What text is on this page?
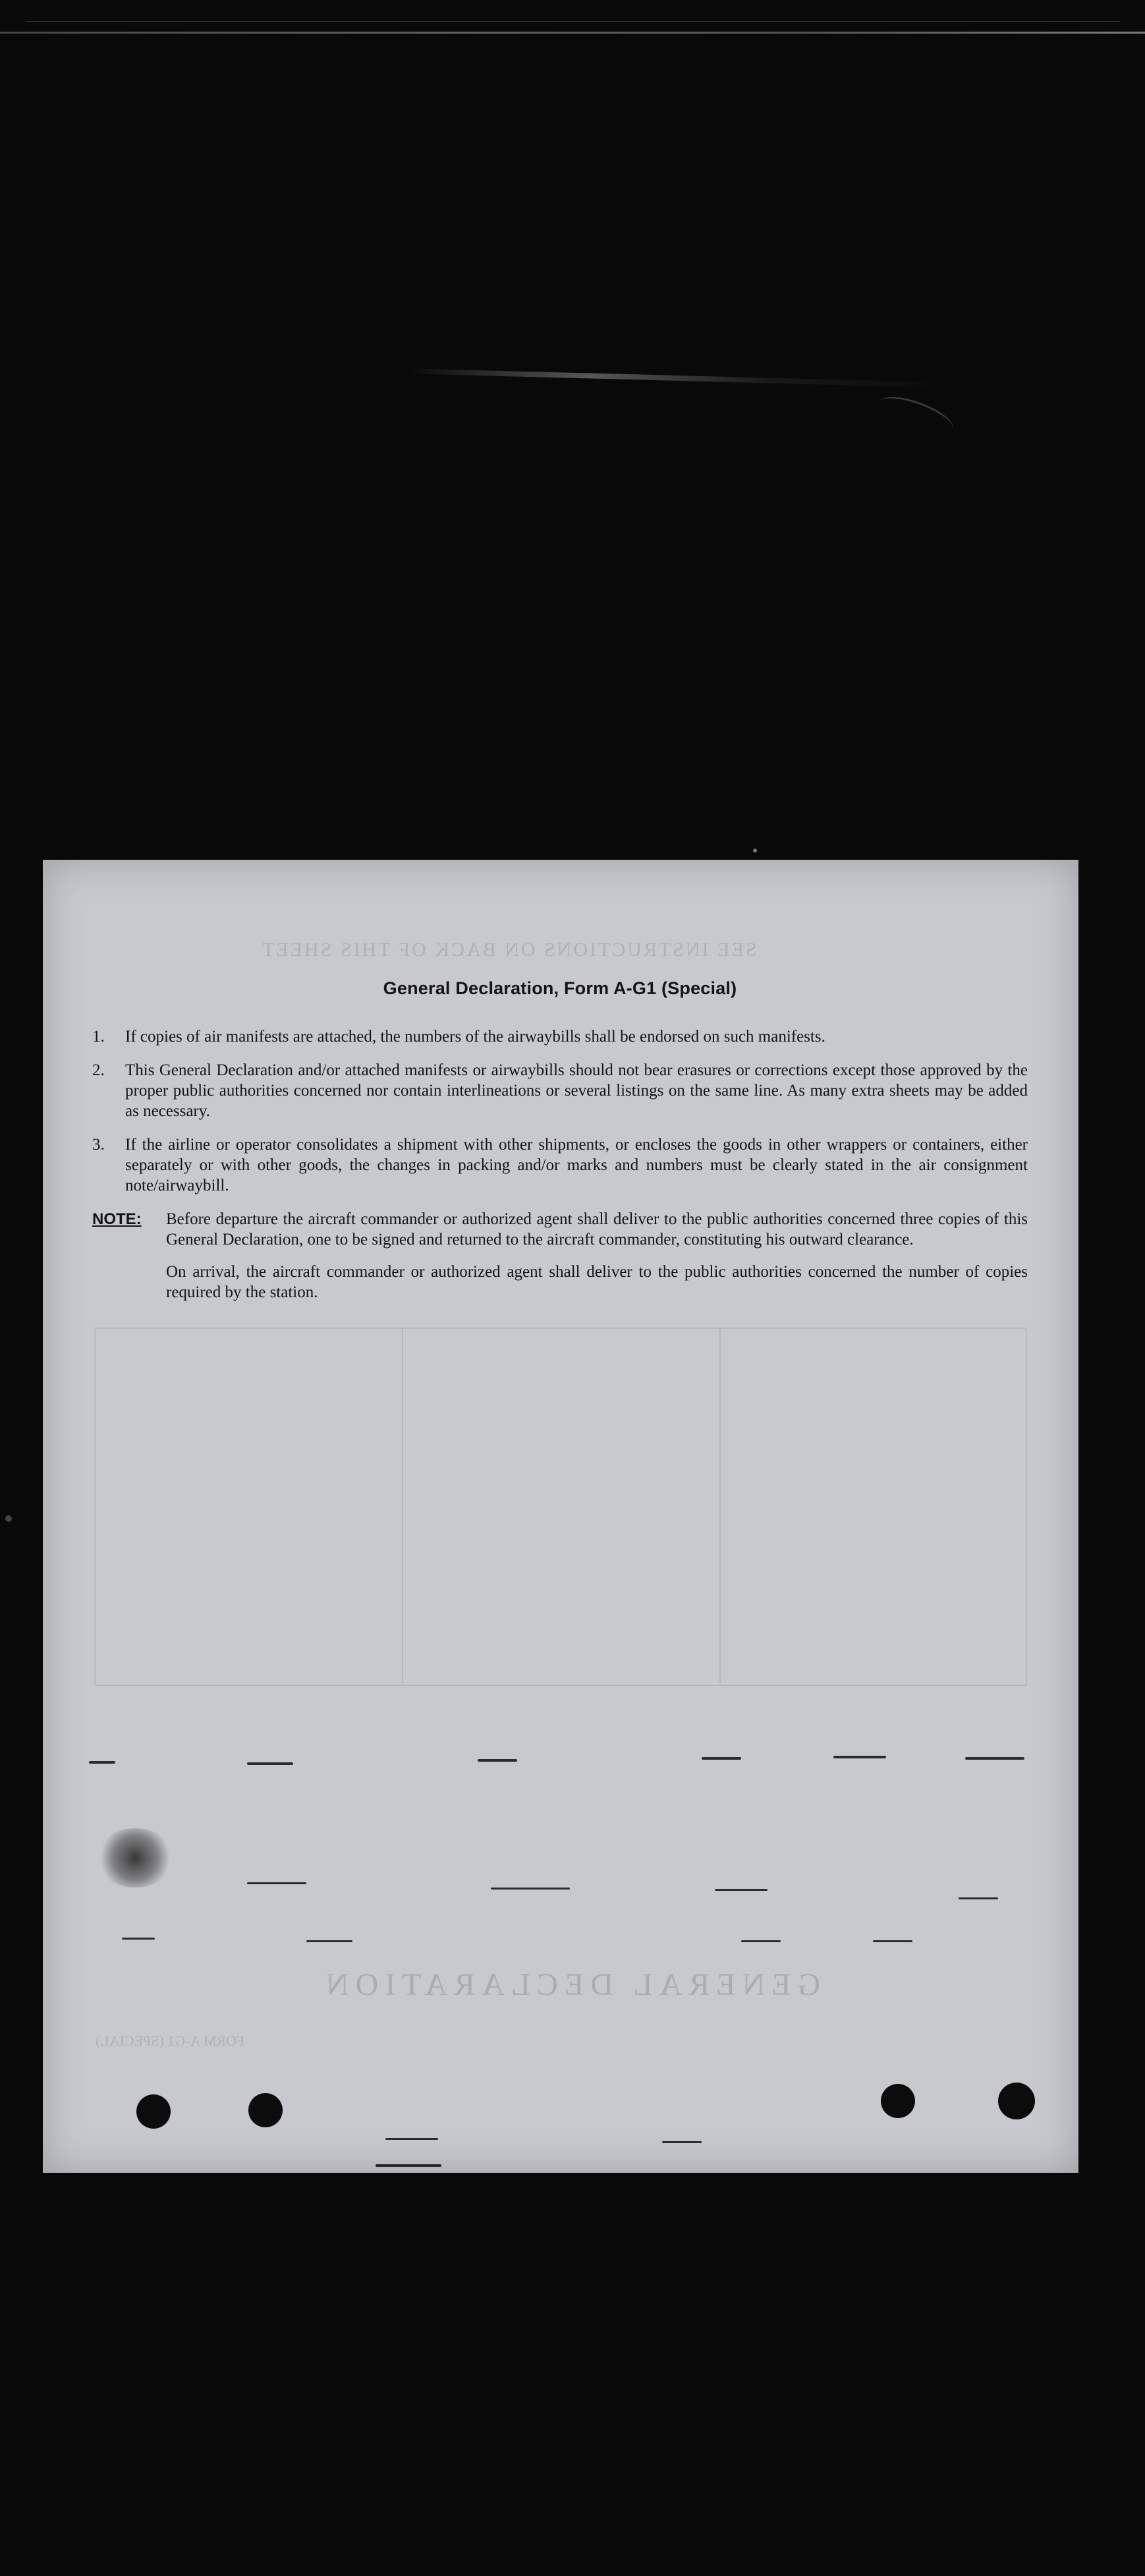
SEE INSTRUCTIONS ON BACK OF THIS SHEET
GENERAL DECLARATION
FORM A-G1 (SPECIAL)
General Declaration, Form A-G1 (Special)
1.	If copies of air manifests are attached, the numbers of the airwaybills shall be endorsed on such manifests.
2.	This General Declaration and/or attached manifests or airwaybills should not bear erasures or corrections except those approved by the proper public authorities concerned nor contain interlineations or several listings on the same line. As many extra sheets may be added as necessary.
3.	If the airline or operator consolidates a shipment with other shipments, or encloses the goods in other wrappers or containers, either separately or with other goods, the changes in packing and/or marks and numbers must be clearly stated in the air consignment note/airwaybill.
NOTE:	Before departure the aircraft commander or authorized agent shall deliver to the public authorities concerned three copies of this General Declaration, one to be signed and returned to the aircraft commander, constituting his outward clearance.

On arrival, the aircraft commander or authorized agent shall deliver to the public authorities concerned the number of copies required by the station.
